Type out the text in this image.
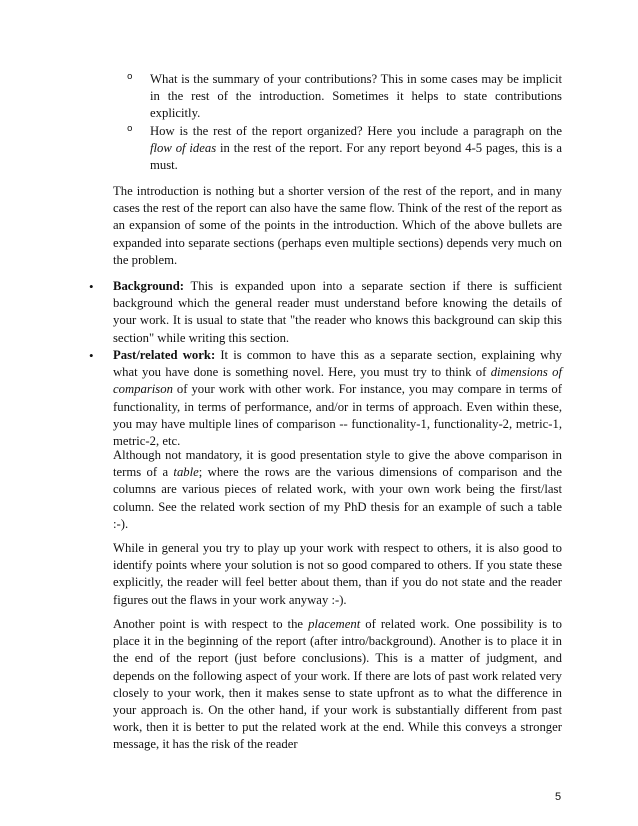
o What is the summary of your contributions? This in some cases may be implicit in the rest of the introduction. Sometimes it helps to state contributions explicitly.

o How is the rest of the report organized? Here you include a paragraph on the flow of ideas in the rest of the report. For any report beyond 4-5 pages, this is a must.

The introduction is nothing but a shorter version of the rest of the report, and in many cases the rest of the report can also have the same flow. Think of the rest of the report as an expansion of some of the points in the introduction. Which of the above bullets are expanded into separate sections (perhaps even multiple sections) depends very much on the problem.

• Background: This is expanded upon into a separate section if there is sufficient background which the general reader must understand before knowing the details of your work. It is usual to state that "the reader who knows this background can skip this section" while writing this section.

• Past/related work: It is common to have this as a separate section, explaining why what you have done is something novel. Here, you must try to think of dimensions of comparison of your work with other work. For instance, you may compare in terms of functionality, in terms of performance, and/or in terms of approach. Even within these, you may have multiple lines of comparison -- functionality-1, functionality-2, metric-1, metric-2, etc.

Although not mandatory, it is good presentation style to give the above comparison in terms of a table; where the rows are the various dimensions of comparison and the columns are various pieces of related work, with your own work being the first/last column. See the related work section of my PhD thesis for an example of such a table :-).

While in general you try to play up your work with respect to others, it is also good to identify points where your solution is not so good compared to others. If you state these explicitly, the reader will feel better about them, than if you do not state and the reader figures out the flaws in your work anyway :-).

Another point is with respect to the placement of related work. One possibility is to place it in the beginning of the report (after intro/background). Another is to place it in the end of the report (just before conclusions). This is a matter of judgment, and depends on the following aspect of your work. If there are lots of past work related very closely to your work, then it makes sense to state upfront as to what the difference in your approach is. On the other hand, if your work is substantially different from past work, then it is better to put the related work at the end. While this conveys a stronger message, it has the risk of the reader

5
